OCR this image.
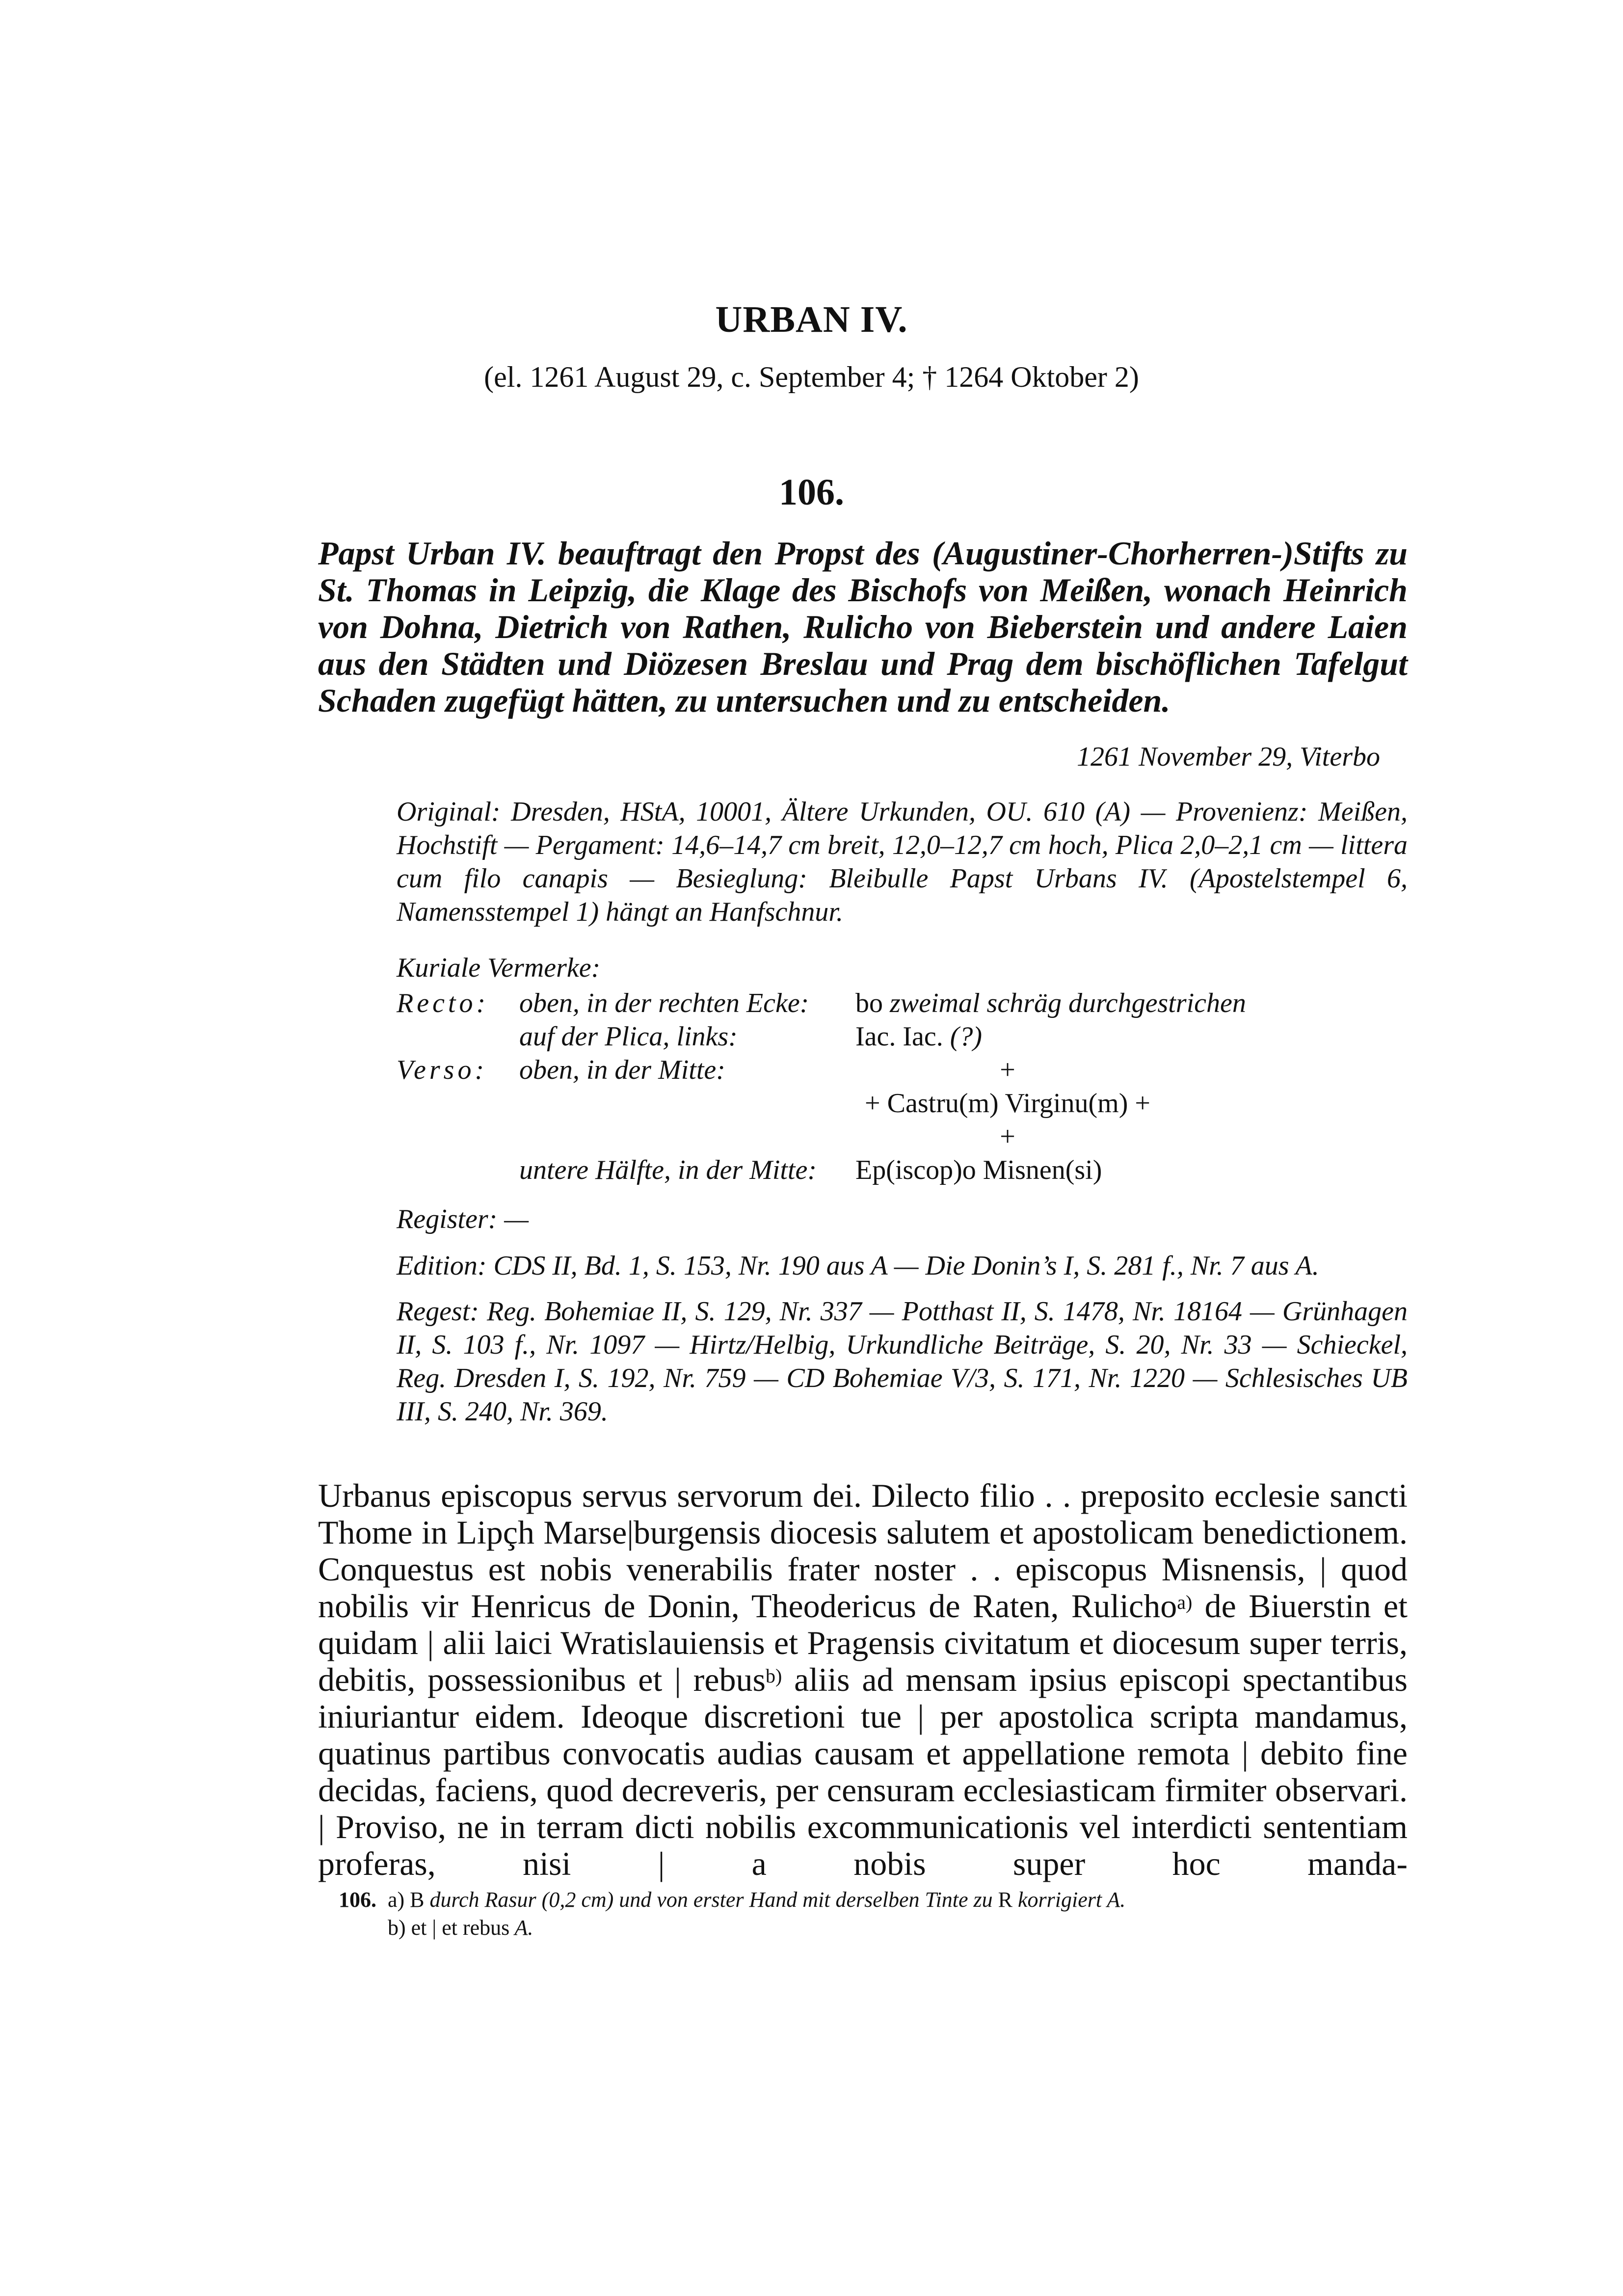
URBAN IV.
(el. 1261 August 29, c. September 4; † 1264 Oktober 2)
106.
Papst Urban IV. beauftragt den Propst des (Augustiner-Chorherren-)Stifts zu St. Thomas in Leipzig, die Klage des Bischofs von Meißen, wonach Heinrich von Dohna, Dietrich von Rathen, Rulicho von Bieberstein und andere Laien aus den Städten und Diözesen Breslau und Prag dem bischöflichen Tafelgut Schaden zugefügt hätten, zu untersuchen und zu entscheiden.
1261 November 29, Viterbo
Original: Dresden, HStA, 10001, Ältere Urkunden, OU. 610 (A) — Provenienz: Meißen, Hochstift — Pergament: 14,6–14,7 cm breit, 12,0–12,7 cm hoch, Plica 2,0–2,1 cm — littera cum filo canapis — Besieglung: Bleibulle Papst Urbans IV. (Apostelstempel 6, Namensstempel 1) hängt an Hanfschnur.
Kuriale Vermerke:
Recto: oben, in der rechten Ecke: bo zweimal schräg durchgestrichen
auf der Plica, links:	Iac. Iac. (?)
Verso: oben, in der Mitte:	+
+ Castru(m) Virginu(m) +
+
untere Hälfte, in der Mitte: Ep(iscop)o Misnen(si)
Register: —
Edition: CDS II, Bd. 1, S. 153, Nr. 190 aus A — Die Donin’s I, S. 281 f., Nr. 7 aus A.
Regest: Reg. Bohemiae II, S. 129, Nr. 337 — Potthast II, S. 1478, Nr. 18164 — Grünhagen II, S. 103 f., Nr. 1097 — Hirtz/Helbig, Urkundliche Beiträge, S. 20, Nr. 33 — Schieckel, Reg. Dresden I, S. 192, Nr. 759 — CD Bohemiae V/3, S. 171, Nr. 1220 — Schlesisches UB III, S. 240, Nr. 369.
Urbanus episcopus servus servorum dei. Dilecto filio . . preposito ecclesie sancti Thome in Lipçh Marse|burgensis diocesis salutem et apostolicam benedictionem. Conquestus est nobis venerabilis frater noster . . episcopus Misnensis, | quod nobilis vir Henricus de Donin, Theodericus de Raten, Rulicho$^{a)}$ de Biuerstin et quidam | alii laici Wratislauiensis et Pragensis civitatum et diocesum super terris, debitis, possessionibus et | rebus$^{b)}$ aliis ad mensam ipsius episcopi spectantibus iniuriantur eidem. Ideoque discretioni tue | per apostolica scripta mandamus, quatinus partibus convocatis audias causam et appellatione remota | debito fine decidas, faciens, quod decreveris, per censuram ecclesiasticam firmiter observari. | Proviso, ne in terram dicti nobilis excommunicationis vel interdicti sententiam proferas, nisi | a nobis super hoc manda-
106. a) B durch Rasur (0,2 cm) und von erster Hand mit derselben Tinte zu R korrigiert A.
b) et | et rebus A.
